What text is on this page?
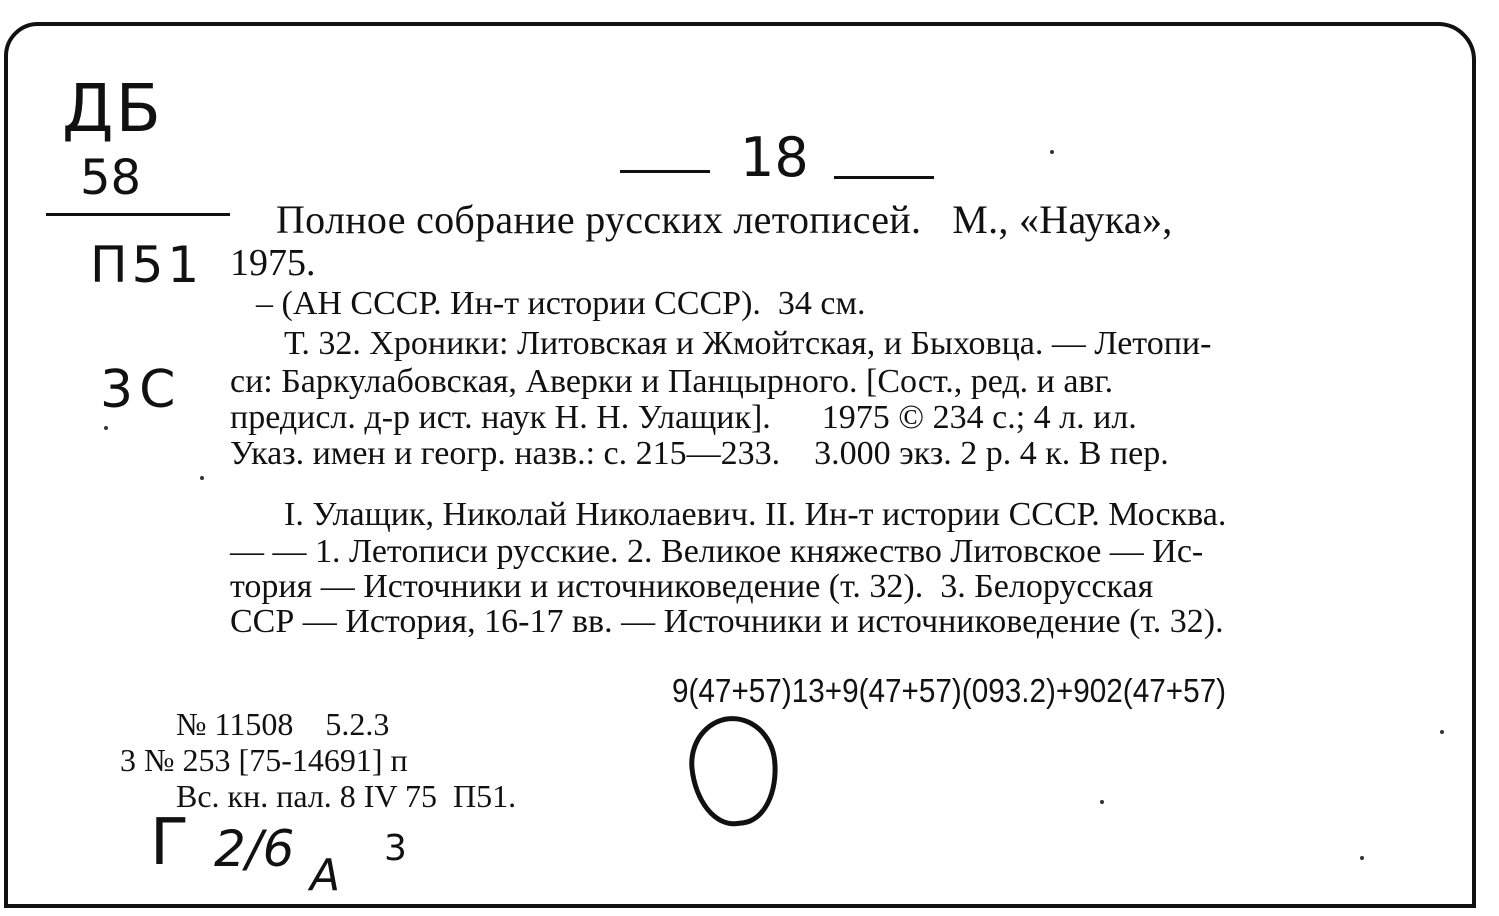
ДБ
58
П51
3С
18
Полное собрание русских летописей.   М., «Наука»,
1975.
– (АН СССР. Ин-т истории СССР).  34 см.
Т. 32. Хроники: Литовская и Жмойтская, и Быховца. — Летопи-
си: Баркулабовская, Аверки и Панцырного. [Сост., ред. и авг.
предисл. д-р ист. наук Н. Н. Улащик].      1975 © 234 с.; 4 л. ил.
Указ. имен и геогр. назв.: с. 215—233.    3.000 экз. 2 р. 4 к. В пер.
I. Улащик, Николай Николаевич. II. Ин-т истории СССР. Москва.
— — 1. Летописи русские. 2. Великое княжество Литовское — Ис-
тория — Источники и источниковедение (т. 32).  3. Белорусская
ССР — История, 16-17 вв. — Источники и источниковедение (т. 32).
9(47+57)13+9(47+57)(093.2)+902(47+57)
№ 11508    5.2.3
3 № 253 [75-14691] п
Вс. кн. пал. 8 IV 75  П51.
Г 2/6 А
3
